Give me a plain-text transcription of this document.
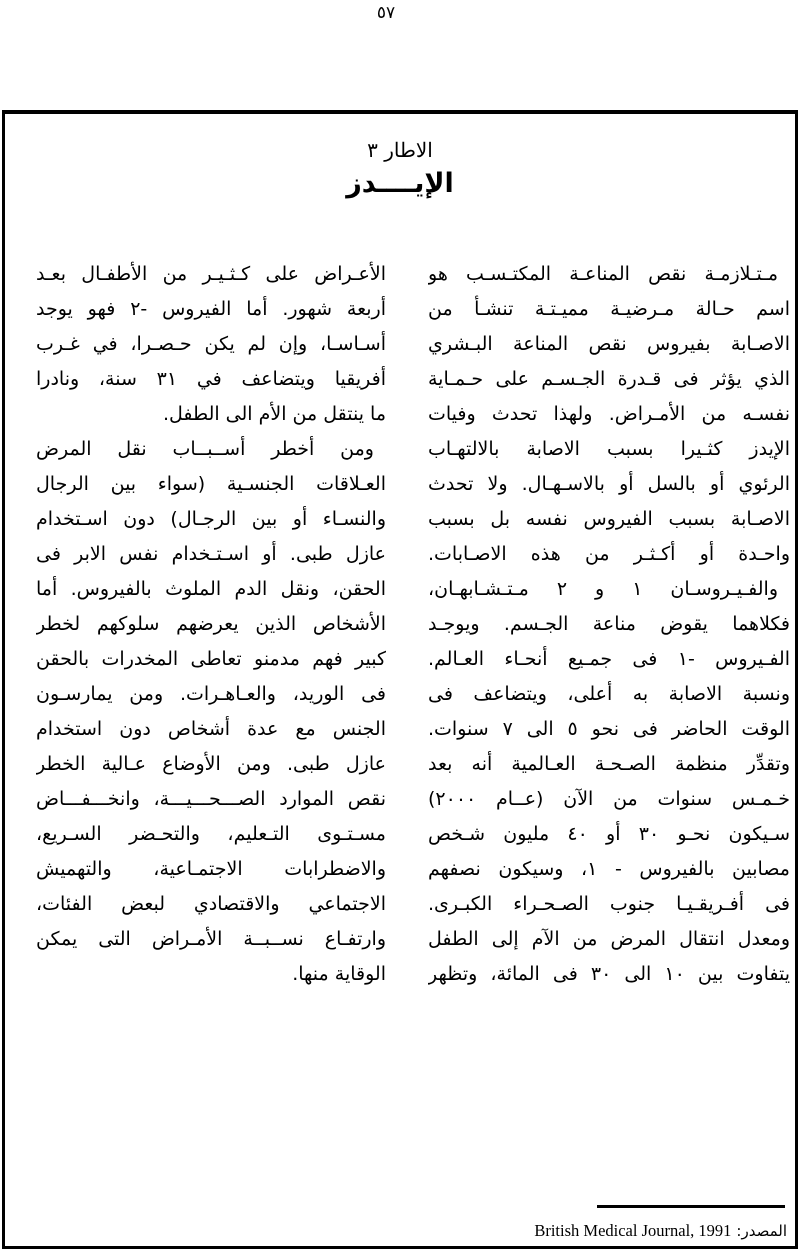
٥٧
الاطار ٣
الإيــــدز
مـتـلازمـة نقص المناعـة المكتـسـب هو
اسم حـالة مـرضيـة مميـتـة تنشـأ من
الاصـابة بفيروس نقص المناعة البـشري
الذي يؤثر فى قـدرة الجـسـم على حـمـاية
نفسـه من الأمـراض. ولهذا تحدث وفيات
الإيدز كثـيرا بسبب الاصابة بالالتهـاب
الرئوي أو بالسل أو بالاسـهـال. ولا تحدث
الاصـابة بسبب الفيروس نفسه بل بسبب
واحـدة أو أكـثـر من هذه الاصـابات.
والفـيـروسـان ١ و ٢ مـتـشـابهـان،
فكلاهما يقوض مناعة الجـسم. ويوجـد
الفـيروس -١ فى جمـيع أنحـاء العـالم.
ونسبة الاصابة به أعلى، ويتضاعف فى
الوقت الحاضر فى نحو ٥ الى ٧ سنوات.
وتقدِّر منظمة الصـحـة العـالمية أنه بعد
خـمـس سنوات من الآن (عــام ٢٠٠٠)
سـيكون نحـو ٣٠ أو ٤٠ مليون شـخص
مصابين بالفيروس - ١، وسيكون نصفهم
فى أفـريقـيـا جنوب الصـحـراء الكبـرى.
ومعدل انتقال المرض من الآم إلى الطفل
يتفاوت بين ١٠ الى ٣٠ فى المائة، وتظهر
الأعـراض على كـثـيـر من الأطفـال بعـد
أربعة شهور. أما الفيروس -٢ فهو يوجد
أسـاسـا، وإن لم يكن حـصـرا، في غـرب
أفريقيا ويتضاعف في ٣١ سنة، ونادرا
ما ينتقل من الأم الى الطفل.
ومن أخطر أســبــاب نقل المرض
العـلاقات الجنسـية (سواء بين الرجال
والنسـاء أو بين الرجـال) دون اسـتخدام
عازل طبى. أو اسـتـخدام نفس الابر فى
الحقن، ونقل الدم الملوث بالفيروس. أما
الأشخاص الذين يعرضهم سلوكهم لخطر
كبير فهم مدمنو تعاطى المخدرات بالحقن
فى الوريد، والعـاهـرات. ومن يمارسـون
الجنس مع عدة أشخاص دون استخدام
عازل طبى. ومن الأوضاع عـالية الخطر
نقص الموارد الصـــحـــيـــة، وانخـــفـــاض
مسـتـوى التـعليم، والتحـضر السـريع،
والاضطرابات الاجتمـاعية، والتهميش
الاجتماعي والاقتصادي لبعض الفئات،
وارتفـاع نســبــة الأمـراض التى يمكن
الوقاية منها.
المصدر:British Medical Journal, 1991
